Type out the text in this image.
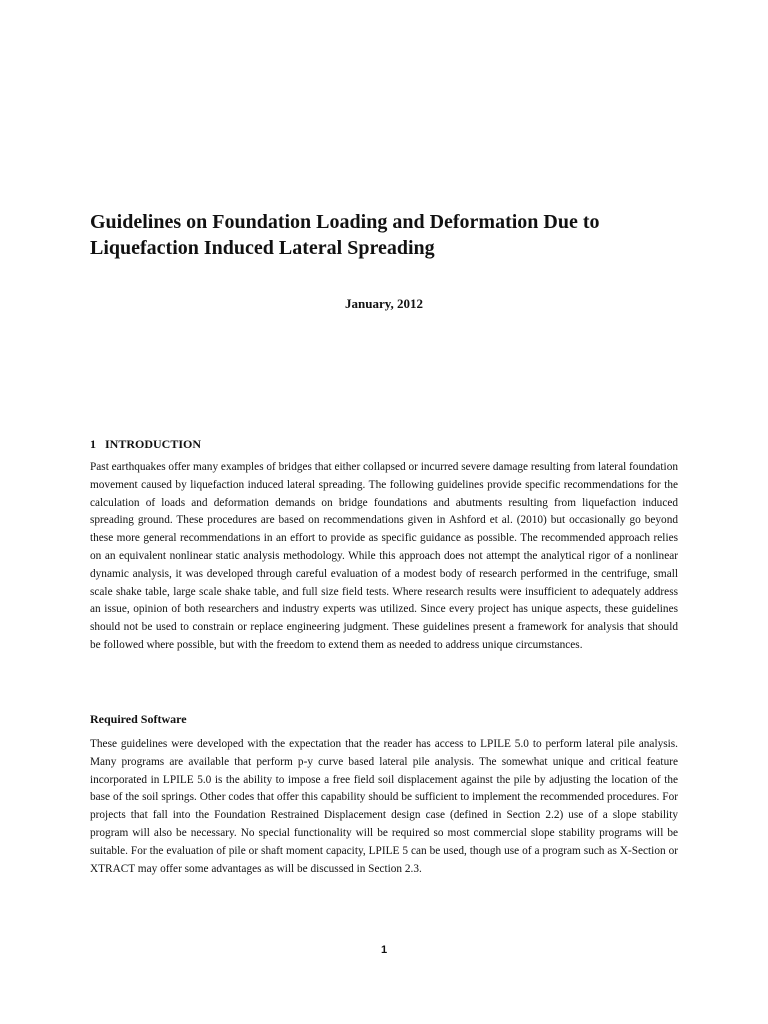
Guidelines on Foundation Loading and Deformation Due to Liquefaction Induced Lateral Spreading

January, 2012

1 INTRODUCTION

Past earthquakes offer many examples of bridges that either collapsed or incurred severe damage resulting from lateral foundation movement caused by liquefaction induced lateral spreading. The following guidelines provide specific recommendations for the calculation of loads and deformation demands on bridge foundations and abutments resulting from liquefaction induced spreading ground. These procedures are based on recommendations given in Ashford et al. (2010) but occasionally go beyond these more general recommendations in an effort to provide as specific guidance as possible. The recommended approach relies on an equivalent nonlinear static analysis methodology. While this approach does not attempt the analytical rigor of a nonlinear dynamic analysis, it was developed through careful evaluation of a modest body of research performed in the centrifuge, small scale shake table, large scale shake table, and full size field tests. Where research results were insufficient to adequately address an issue, opinion of both researchers and industry experts was utilized. Since every project has unique aspects, these guidelines should not be used to constrain or replace engineering judgment. These guidelines present a framework for analysis that should be followed where possible, but with the freedom to extend them as needed to address unique circumstances.

Required Software

These guidelines were developed with the expectation that the reader has access to LPILE 5.0 to perform lateral pile analysis. Many programs are available that perform p-y curve based lateral pile analysis. The somewhat unique and critical feature incorporated in LPILE 5.0 is the ability to impose a free field soil displacement against the pile by adjusting the location of the base of the soil springs. Other codes that offer this capability should be sufficient to implement the recommended procedures. For projects that fall into the Foundation Restrained Displacement design case (defined in Section 2.2) use of a slope stability program will also be necessary. No special functionality will be required so most commercial slope stability programs will be suitable. For the evaluation of pile or shaft moment capacity, LPILE 5 can be used, though use of a program such as X-Section or XTRACT may offer some advantages as will be discussed in Section 2.3.

1
